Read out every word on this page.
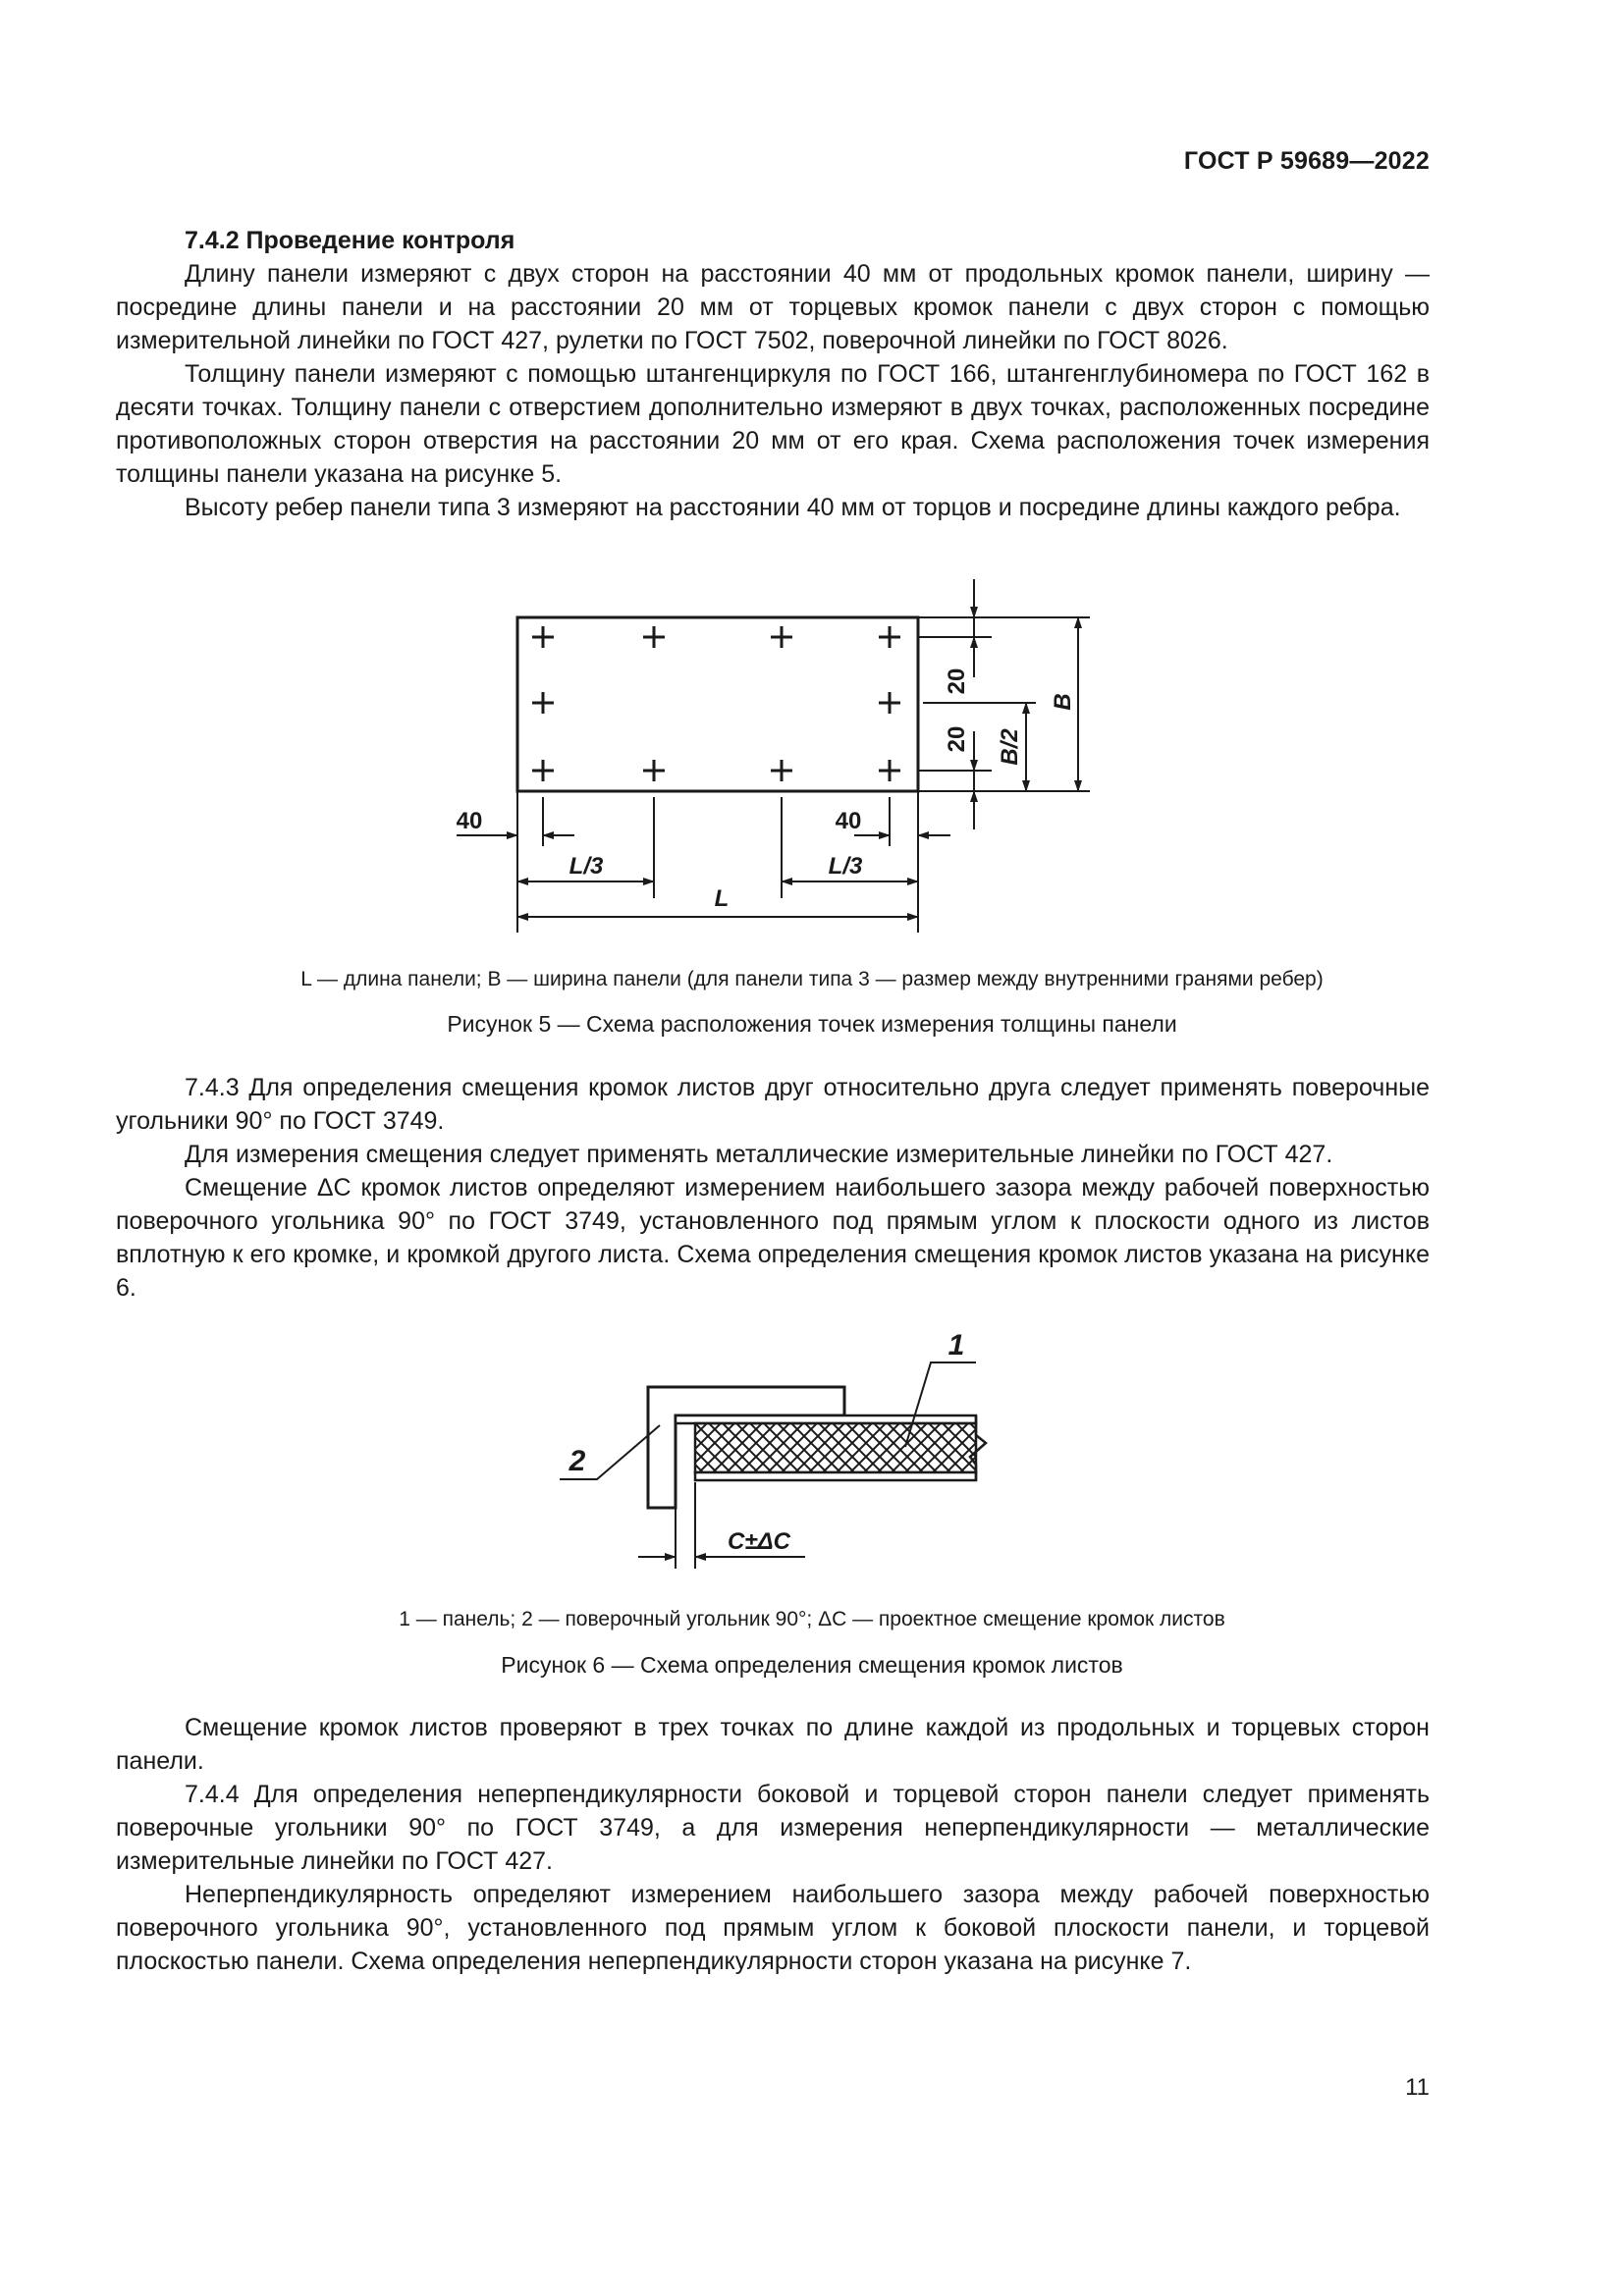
ГОСТ Р 59689—2022

7.4.2 Проведение контроля

Длину панели измеряют с двух сторон на расстоянии 40 мм от продольных кромок панели, ширину — посредине длины панели и на расстоянии 20 мм от торцевых кромок панели с двух сторон с помощью измерительной линейки по ГОСТ 427, рулетки по ГОСТ 7502, поверочной линейки по ГОСТ 8026.

Толщину панели измеряют с помощью штангенциркуля по ГОСТ 166, штангенглубиномера по ГОСТ 162 в десяти точках. Толщину панели с отверстием дополнительно измеряют в двух точках, расположенных посредине противоположных сторон отверстия на расстоянии 20 мм от его края. Схема расположения точек измерения толщины панели указана на рисунке 5.

Высоту ребер панели типа 3 измеряют на расстоянии 40 мм от торцов и посредине длины каждого ребра.

20
20 B/2
B
40	40
L/3	L/3
L
L — длина панели; B — ширина панели (для панели типа 3 — размер между внутренними гранями ребер)
Рисунок 5 — Схема расположения точек измерения толщины панели

7.4.3 Для определения смещения кромок листов друг относительно друга следует применять поверочные угольники 90° по ГОСТ 3749.

Для измерения смещения следует применять металлические измерительные линейки по ГОСТ 427.

Смещение ΔC кромок листов определяют измерением наибольшего зазора между рабочей поверхностью поверочного угольника 90° по ГОСТ 3749, установленного под прямым углом к плоскости одного из листов вплотную к его кромке, и кромкой другого листа. Схема определения смещения кромок листов указана на рисунке 6.

1
2
C±ΔC
1 — панель; 2 — поверочный угольник 90°; ΔC — проектное смещение кромок листов
Рисунок 6 — Схема определения смещения кромок листов

Смещение кромок листов проверяют в трех точках по длине каждой из продольных и торцевых сторон панели.

7.4.4 Для определения неперпендикулярности боковой и торцевой сторон панели следует применять поверочные угольники 90° по ГОСТ 3749, а для измерения неперпендикулярности — металлические измерительные линейки по ГОСТ 427.

Неперпендикулярность определяют измерением наибольшего зазора между рабочей поверхностью поверочного угольника 90°, установленного под прямым углом к боковой плоскости панели, и торцевой плоскостью панели. Схема определения неперпендикулярности сторон указана на рисунке 7.

11
